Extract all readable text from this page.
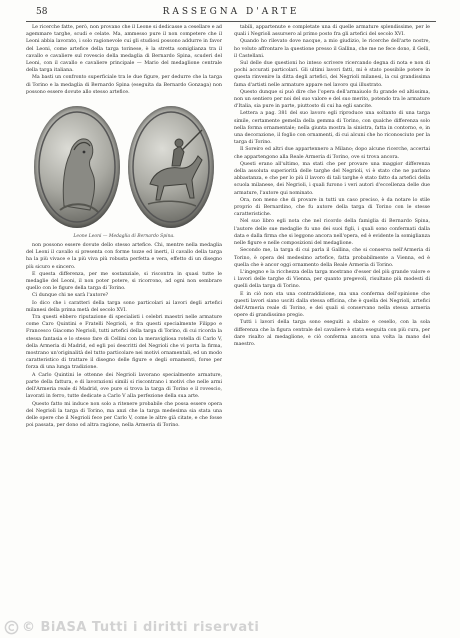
58	RASSEGNA D'ARTE

Le ricerche fatte, però, non provano che il Leone si dedicasse a cesellare e ad agemmare targhe, scudi e celate. Ma, ammesso pure il non competere che il Leoni abbia lavorato, i solo ragionevole cui gli studiosi possono addurre in favor del Leoni, come artefice della targa torinese, è la stretta somiglianza tra il cavallo e cavaliere sul rovescio della medaglia di Bernardo Spina, scuderi del Leoni, con il cavallo e cavaliere principale — Mario del medaglione centrale della targa italiana.

Ma basti un confronto superficiale tra le due figure, per dedurre che la targa di Torino e la medaglia di Bernardo Spina (eseguita da Bernardo Gonzaga) non possono essere dovute allo stesso artefice.

Leone Leoni — Medaglia di Bernardo Spina.

non possono essere dovute dello stesso artefice. Chi, mentre nella medaglia del Leoni il cavallo si presenta con forme tozze ed inerti, il cavallo della targa ha la più vivace e la più viva più robusta perfetta e vera, effetto di un disegno più sicuro e sincero.

E questa differenza, per me sostanziale, si riscontra in quasi tutte le medaglie del Leoni, il non poter potere, si ricorrono, ad ogni non sembrare quello con le figure della targa di Torino.

Ci dunque chi ne sarà l'autore?

Io dico che i caratteri della targa sono particolari ai lavori degli artefici milanesi della prima metà del secolo XVI.

Tra questi ebbero riputazione di specialisti i celebri maestri nelle armature come Caro Quintini e Fratelli Negrioli, e fra questi specialmente Filippo e Francesco Giacomo Negrioli, tutti artefici della targa di Torino, di cui ricorda la stessa fantasia e lo stesso fare di Cellini con la meravigliosa rotella di Carlo V, della Armeria di Madrid, ed egli poi descritti del Negrioli che vi porta la firma, mostrano un'originalità del tutto particolare nei motivi ornamentali, ed un modo caratteristico di trattare il disegno delle figure e degli ornamenti, forse per forza di una lunga tradizione.

A Carlo Quintini le ottenne dei Negrioli lavorano specialmente armature, parte della fattura, e di lavorazioni simili si riscontrano i motivi che nelle armi dell'Armeria reale di Madrid, ove pure si trova la targa di Torino e il rovescio, lavorati in ferro, tutte dedicate a Carlo V alla perfezione della sua arte.

Questo fatto mi induce non solo a ritenere probabile che possa essere opera del Negrioli la targa di Torino, ma anzi che la targa medesima sia stata una delle opere che il Negrioli fece per Carlo V, come le altre già citate, e che fosse poi passata, per dono od altra ragione, nella Armeria di Torino.

tabili, appartenute e completate una di quelle armature splendissime, per le quali i Negrioli assursero al primo posto fra gli artefici del secolo XVI.

Quando ho rilevato dove nacque, a mio giudizio, le ricerche dell'arte nostre, ho voluto affrontare la questione presso il Gallina, che me ne fece dono, il Gelli, il Castellani.

Sul delle due questioni ho inteso scrivere ricercando degna di nota e non di pochi accurati particolari. Gli ultimi lavori fatti, mi è stato possibile potere in questa rinvenire la ditta degli artefici, dei Negrioli milanesi, la cui grandissima fama d'artisti nelle armature appare nel lavoro qui illustrato.

Questo dunque si può dire che l'opera dell'armaiuolo fu grande ed altissima, non un sentiero per noi del suo valore e del suo merito, potendo tra le armature d'Italia, sia pure in parte, piuttosto di cui ha egli sancite.

Lettera a pag. 381 del suo lavoro egli riproduce una soltanto di una targa simile, certamente gemella della gemma di Torino, con qualche differenza solo nella forma ornamentale; nella giunta mostra la sinistra, fatta in contorno, e, in una decorazione, il foglio con ornamenti, di cui alcuni che ho riconosciuto per la targa di Torino.

Il Soreiro ed altri due appartennero a Milano; dopo alcune ricerche, accertai che appartengono alla Reale Armeria di Torino, ove si trova ancora.

Questi erano all'ultimo, ma stati che per provare una maggior differenza della assoluta superiorità delle targhe del Negrioli, vi è stato che ne parlano abbastanza, e che per lo più il lavoro di tali targhe è stato fatto da artefici della scuola milanese, dei Negrioli, i quali furono i veri autori d'eccellenza delle due armature, l'autore qui nominato.

Ora, non meno che di provare in tutti un caso preciso, è da notare lo stile proprio di Bernardino, che fu autore della targa di Torino con le stesse caratteristiche.

Nel suo libro egli nota che nel ricordo della famiglia di Bernardo Spina, l'autore delle sue medaglie fu uno dei suoi figli, i quali sono confermati dalla data e dalla firma che si leggono ancora nell'opera, ed è evidente la somiglianza nelle figure e nelle composizioni del medaglione.

Secondo me, la targa di cui parla il Gallina, che si conserva nell'Armeria di Torino, è opera del medesimo artefice, fatta probabilmente a Vienna, ed è quella che è ancor oggi ornamento della Reale Armeria di Torino.

L'ingegno e la ricchezza della targa mostrano d'esser del più grande valore e i lavori delle targhe di Vienna, per quanto pregevoli, risultano più modesti di quelli della targa di Torino.

E in ciò non sta una contraddizione, ma una conferma dell'opinione che questi lavori siano usciti dalla stessa officina, che è quella dei Negrioli, artefici dell'Armeria reale di Torino, e dei quali si conservano nella stessa armeria opere di grandissimo pregio.

Tutti i lavori della targa sono eseguiti a sbalzo e cesello, con la sola differenza che la figura centrale del cavaliere è stata eseguita con più cura, per dare risalto al medaglione, e ciò conferma ancora una volta la mano del maestro.

© BiASA Tutti i diritti riservati
